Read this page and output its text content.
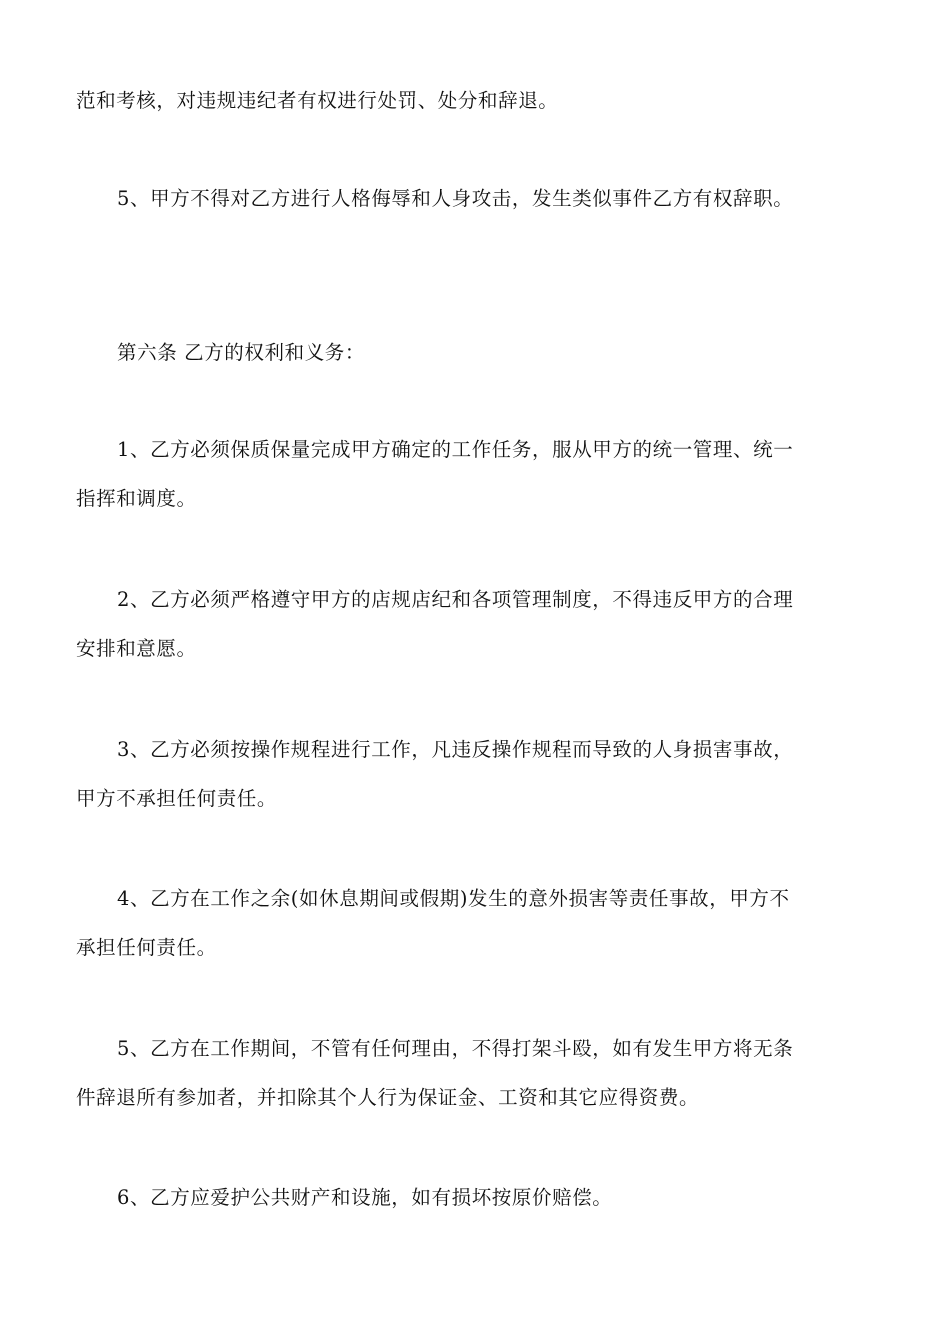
范和考核，对违规违纪者有权进行处罚、处分和辞退。
5、甲方不得对乙方进行人格侮辱和人身攻击，发生类似事件乙方有权辞职。
第六条 乙方的权利和义务：
1、乙方必须保质保量完成甲方确定的工作任务，服从甲方的统一管理、统一
指挥和调度。
2、乙方必须严格遵守甲方的店规店纪和各项管理制度，不得违反甲方的合理
安排和意愿。
3、乙方必须按操作规程进行工作，凡违反操作规程而导致的人身损害事故，
甲方不承担任何责任。
4、乙方在工作之余(如休息期间或假期)发生的意外损害等责任事故，甲方不
承担任何责任。
5、乙方在工作期间，不管有任何理由，不得打架斗殴，如有发生甲方将无条
件辞退所有参加者，并扣除其个人行为保证金、工资和其它应得资费。
6、乙方应爱护公共财产和设施，如有损坏按原价赔偿。
